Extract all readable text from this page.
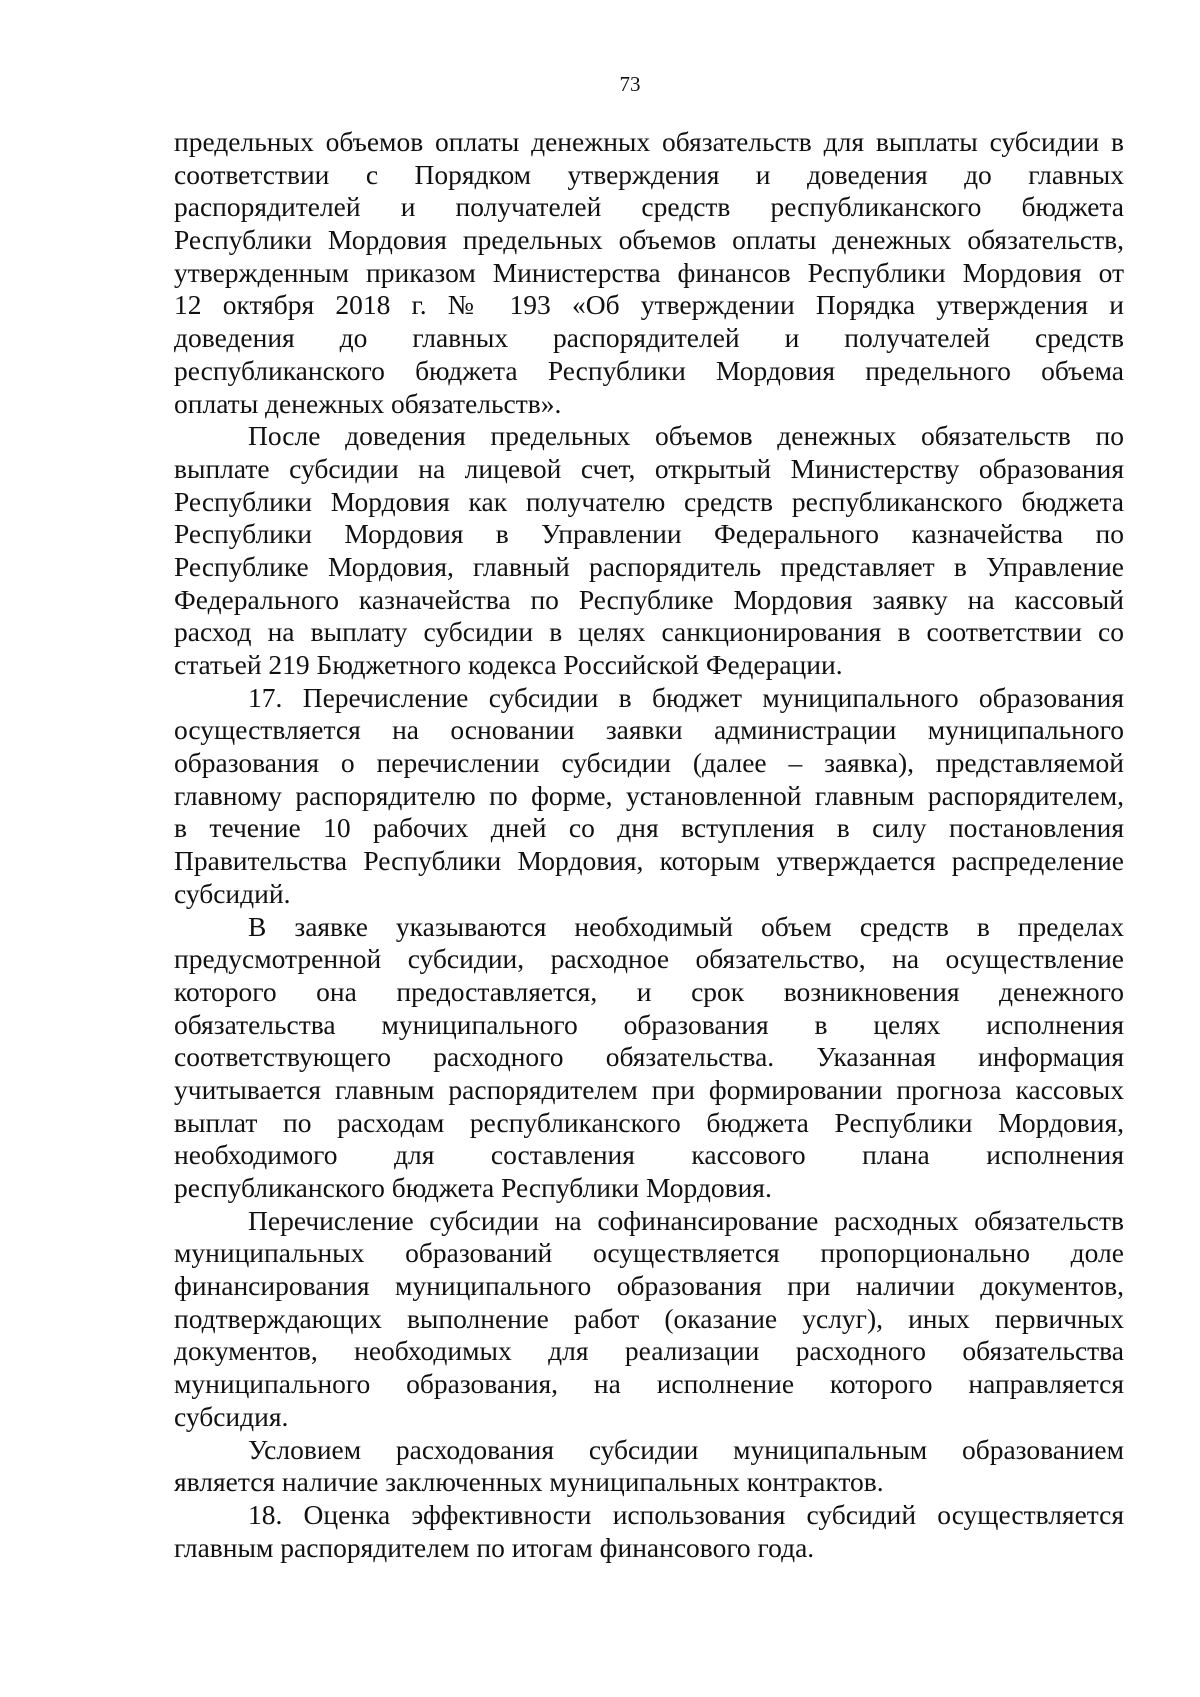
73
предельных объемов оплаты денежных обязательств для выплаты субсидии в
соответствии с Порядком утверждения и доведения до главных
распорядителей и получателей средств республиканского бюджета
Республики Мордовия предельных объемов оплаты денежных обязательств,
утвержденным приказом Министерства финансов Республики Мордовия от
12 октября 2018 г. № 193 «Об утверждении Порядка утверждения и
доведения до главных распорядителей и получателей средств
республиканского бюджета Республики Мордовия предельного объема
оплаты денежных обязательств».
После доведения предельных объемов денежных обязательств по
выплате субсидии на лицевой счет, открытый Министерству образования
Республики Мордовия как получателю средств республиканского бюджета
Республики Мордовия в Управлении Федерального казначейства по
Республике Мордовия, главный распорядитель представляет в Управление
Федерального казначейства по Республике Мордовия заявку на кассовый
расход на выплату субсидии в целях санкционирования в соответствии со
статьей 219 Бюджетного кодекса Российской Федерации.
17. Перечисление субсидии в бюджет муниципального образования
осуществляется на основании заявки администрации муниципального
образования о перечислении субсидии (далее – заявка), представляемой
главному распорядителю по форме, установленной главным распорядителем,
в течение 10 рабочих дней со дня вступления в силу постановления
Правительства Республики Мордовия, которым утверждается распределение
субсидий.
В заявке указываются необходимый объем средств в пределах
предусмотренной субсидии, расходное обязательство, на осуществление
которого она предоставляется, и срок возникновения денежного
обязательства муниципального образования в целях исполнения
соответствующего расходного обязательства. Указанная информация
учитывается главным распорядителем при формировании прогноза кассовых
выплат по расходам республиканского бюджета Республики Мордовия,
необходимого для составления кассового плана исполнения
республиканского бюджета Республики Мордовия.
Перечисление субсидии на софинансирование расходных обязательств
муниципальных образований осуществляется пропорционально доле
финансирования муниципального образования при наличии документов,
подтверждающих выполнение работ (оказание услуг), иных первичных
документов, необходимых для реализации расходного обязательства
муниципального образования, на исполнение которого направляется
субсидия.
Условием расходования субсидии муниципальным образованием
является наличие заключенных муниципальных контрактов.
18. Оценка эффективности использования субсидий осуществляется
главным распорядителем по итогам финансового года.
